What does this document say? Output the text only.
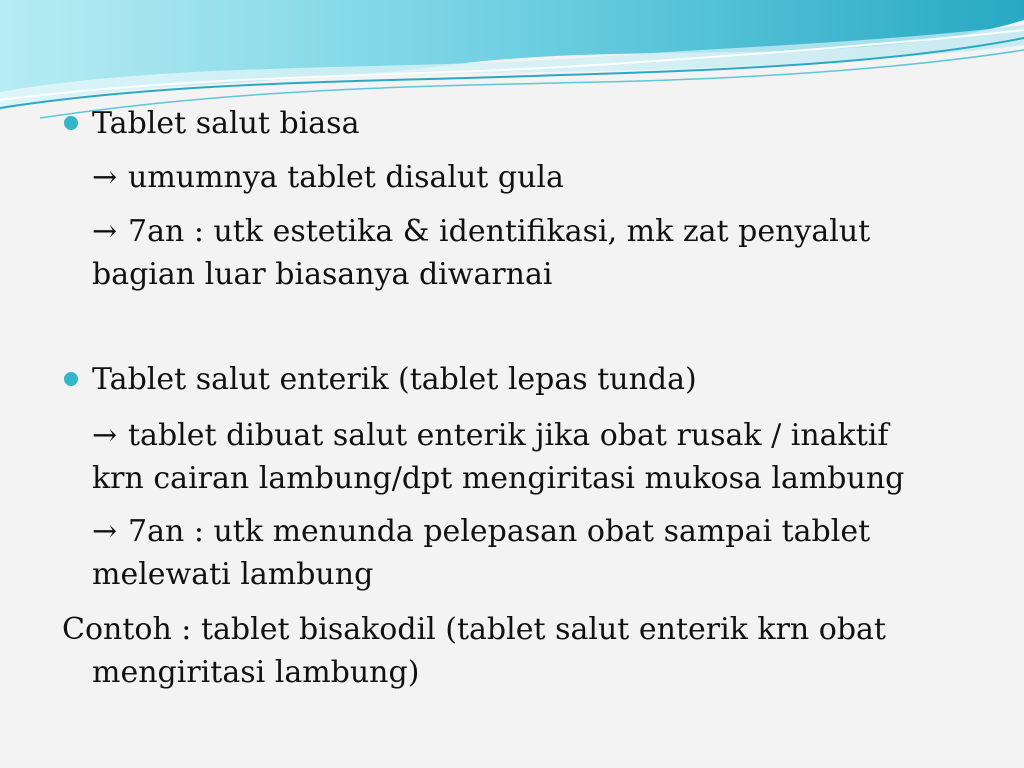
Tablet salut biasa
→ umumnya tablet disalut gula
→ 7an : utk estetika & identifikasi, mk zat penyalut
bagian luar biasanya diwarnai
Tablet salut enterik (tablet lepas tunda)
→ tablet dibuat salut enterik jika obat rusak / inaktif
krn cairan lambung/dpt mengiritasi mukosa lambung
→ 7an : utk menunda pelepasan obat sampai tablet
melewati lambung
Contoh : tablet bisakodil (tablet salut enterik krn obat
mengiritasi lambung)
